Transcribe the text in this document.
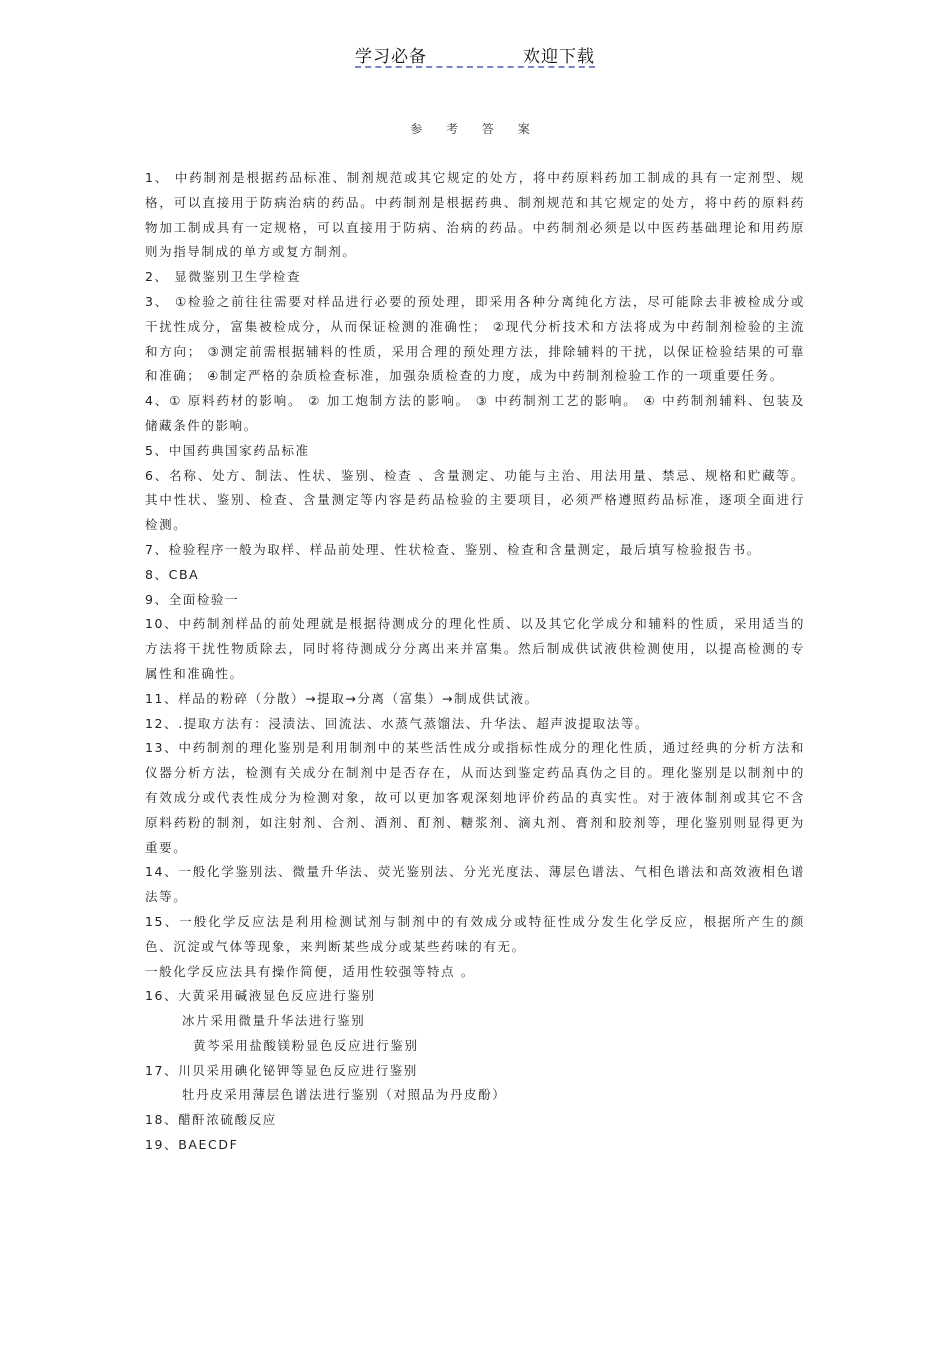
学习必备	欢迎下载
参 考 答 案

1、 中药制剂是根据药品标准、制剂规范或其它规定的处方，将中药原料药加工制成的具有一定剂型、规格，可以直接用于防病治病的药品。中药制剂是根据药典、制剂规范和其它规定的处方，将中药的原料药物加工制成具有一定规格，可以直接用于防病、治病的药品。中药制剂必须是以中医药基础理论和用药原则为指导制成的单方或复方制剂。

2、 显微鉴别卫生学检查

3、 ①检验之前往往需要对样品进行必要的预处理，即采用各种分离纯化方法，尽可能除去非被检成分或干扰性成分，富集被检成分，从而保证检测的准确性； ②现代分析技术和方法将成为中药制剂检验的主流和方向； ③测定前需根据辅料的性质，采用合理的预处理方法，排除辅料的干扰，以保证检验结果的可靠和准确； ④制定严格的杂质检查标准，加强杂质检查的力度，成为中药制剂检验工作的一项重要任务。

4、① 原料药材的影响。 ② 加工炮制方法的影响。 ③ 中药制剂工艺的影响。 ④ 中药制剂辅料、包装及储藏条件的影响。

5、中国药典国家药品标准

6、名称、处方、制法、性状、鉴别、检查 、含量测定、功能与主治、用法用量、禁忌、规格和贮藏等。 其中性状、鉴别、检查、含量测定等内容是药品检验的主要项目，必须严格遵照药品标准，逐项全面进行检测。

7、检验程序一般为取样、样品前处理、性状检查、鉴别、检查和含量测定，最后填写检验报告书。

8、CBA

9、全面检验一

10、中药制剂样品的前处理就是根据待测成分的理化性质、以及其它化学成分和辅料的性质，采用适当的方法将干扰性物质除去，同时将待测成分分离出来并富集。然后制成供试液供检测使用，以提高检测的专属性和准确性。

11、样品的粉碎（分散）→提取→分离（富集）→制成供试液。

12、.提取方法有：浸渍法、回流法、水蒸气蒸馏法、升华法、超声波提取法等。

13、中药制剂的理化鉴别是利用制剂中的某些活性成分或指标性成分的理化性质，通过经典的分析方法和仪器分析方法，检测有关成分在制剂中是否存在，从而达到鉴定药品真伪之目的。理化鉴别是以制剂中的有效成分或代表性成分为检测对象，故可以更加客观深刻地评价药品的真实性。对于液体制剂或其它不含原料药粉的制剂，如注射剂、合剂、酒剂、酊剂、糖浆剂、滴丸剂、膏剂和胶剂等，理化鉴别则显得更为重要。

14、一般化学鉴别法、微量升华法、荧光鉴别法、分光光度法、薄层色谱法、气相色谱法和高效液相色谱法等。

15、一般化学反应法是利用检测试剂与制剂中的有效成分或特征性成分发生化学反应，根据所产生的颜色、沉淀或气体等现象，来判断某些成分或某些药味的有无。

一般化学反应法具有操作简便，适用性较强等特点 。

16、大黄采用碱液显色反应进行鉴别

冰片采用微量升华法进行鉴别

黄芩采用盐酸镁粉显色反应进行鉴别

17、川贝采用碘化铋钾等显色反应进行鉴别

牡丹皮采用薄层色谱法进行鉴别（对照品为丹皮酚）

18、醋酐浓硫酸反应

19、BAECDF
